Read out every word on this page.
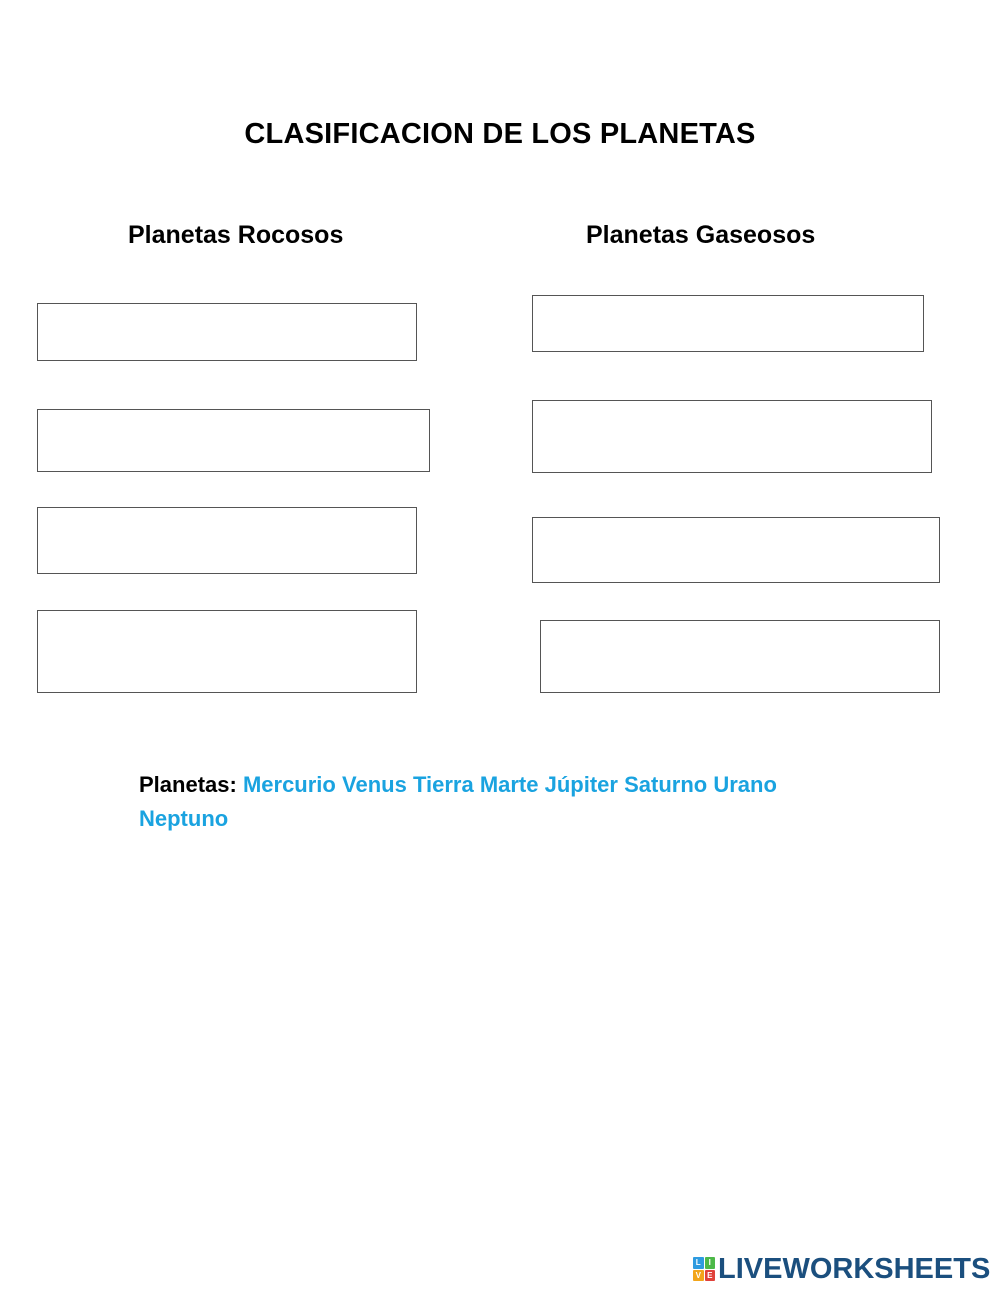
CLASIFICACION DE LOS PLANETAS
Planetas Rocosos	Planetas Gaseosos
Planetas: Mercurio Venus Tierra Marte Júpiter Saturno Urano
Neptuno
L I
V E LIVEWORKSHEETS
